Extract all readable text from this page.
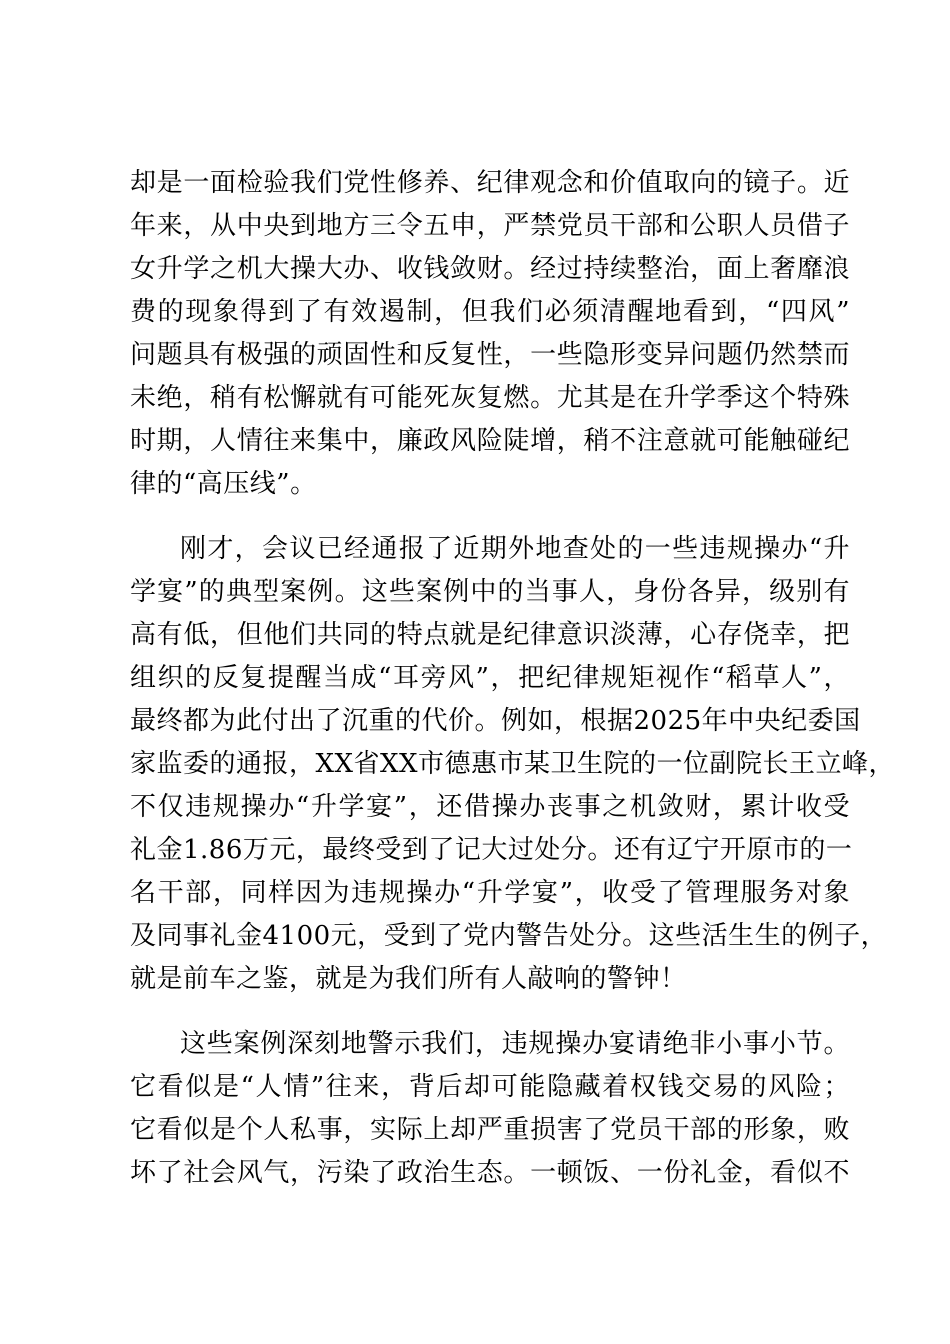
却是一面检验我们党性修养、纪律观念和价值取向的镜子。近
年来，从中央到地方三令五申，严禁党员干部和公职人员借子
女升学之机大操大办、收钱敛财。经过持续整治，面上奢靡浪
费的现象得到了有效遏制，但我们必须清醒地看到，“四风”
问题具有极强的顽固性和反复性，一些隐形变异问题仍然禁而
未绝，稍有松懈就有可能死灰复燃。尤其是在升学季这个特殊
时期，人情往来集中，廉政风险陡增，稍不注意就可能触碰纪
律的“高压线”。
刚才，会议已经通报了近期外地查处的一些违规操办“升
学宴”的典型案例。这些案例中的当事人，身份各异，级别有
高有低，但他们共同的特点就是纪律意识淡薄，心存侥幸，把
组织的反复提醒当成“耳旁风”，把纪律规矩视作“稻草人”，
最终都为此付出了沉重的代价。例如，根据2025年中央纪委国
家监委的通报，XX省XX市德惠市某卫生院的一位副院长王立峰，
不仅违规操办“升学宴”，还借操办丧事之机敛财，累计收受
礼金1.86万元，最终受到了记大过处分。还有辽宁开原市的一
名干部，同样因为违规操办“升学宴”，收受了管理服务对象
及同事礼金4100元，受到了党内警告处分。这些活生生的例子，
就是前车之鉴，就是为我们所有人敲响的警钟！
这些案例深刻地警示我们，违规操办宴请绝非小事小节。
它看似是“人情”往来，背后却可能隐藏着权钱交易的风险；
它看似是个人私事，实际上却严重损害了党员干部的形象，败
坏了社会风气，污染了政治生态。一顿饭、一份礼金，看似不
